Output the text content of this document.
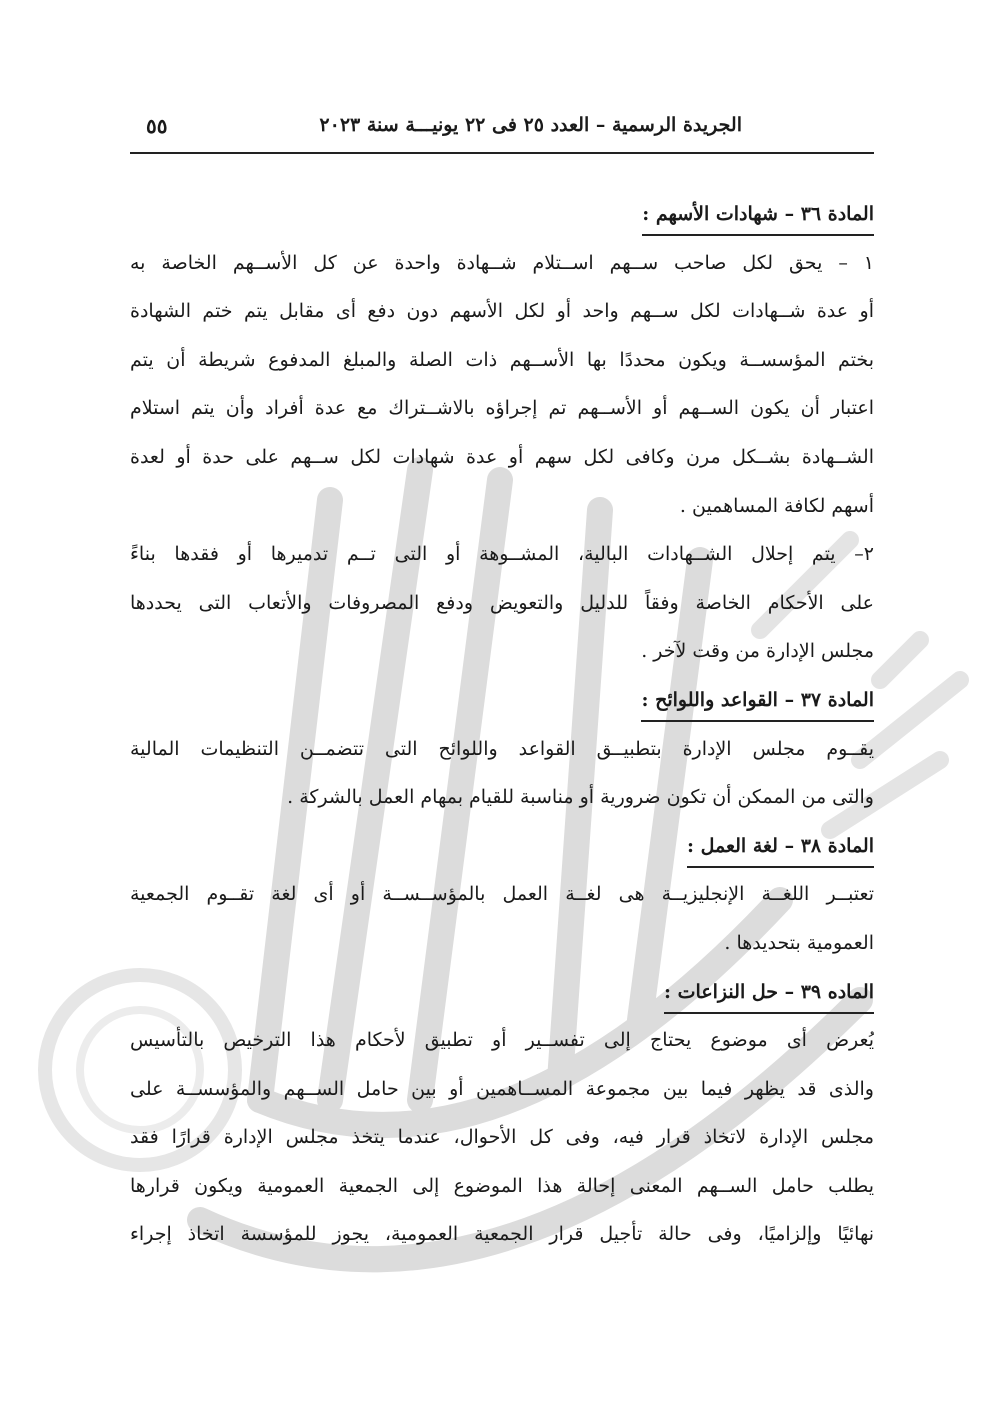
الجريدة الرسمية – العدد ٢٥ فى ٢٢ يونيـــة سنة ٢٠٢٣
٥٥
المادة ٣٦ – شهادات الأسهم :
١ – يحق لكل صاحب ســهم اســتلام شــهادة واحدة عن كل الأســهم الخاصة به
أو عدة شــهادات لكل ســهم واحد أو لكل الأسهم دون دفع أى مقابل يتم ختم الشهادة
بختم المؤسســة ويكون محددًا بها الأســهم ذات الصلة والمبلغ المدفوع شريطة أن يتم
اعتبار أن يكون الســهم أو الأســهم تم إجراؤه بالاشــتراك مع عدة أفراد وأن يتم استلام
الشــهادة بشــكل مرن وكافى لكل سهم أو عدة شهادات لكل ســهم على حدة أو لعدة
أسهم لكافة المساهمين .
٢– يتم إحلال الشــهادات البالية، المشــوهة أو التى تــم تدميرها أو فقدها بناءً
على الأحكام الخاصة وفقاً للدليل والتعويض ودفع المصروفات والأتعاب التى يحددها
مجلس الإدارة من وقت لآخر .
المادة ٣٧ – القواعد واللوائح :
يقــوم مجلس الإدارة بتطبيــق القواعد واللوائح التى تتضمــن التنظيمات المالية
والتى من الممكن أن تكون ضرورية أو مناسبة للقيام بمهام العمل بالشركة .
المادة ٣٨ – لغة العمل :
تعتبــر اللغــة الإنجليزيــة هى لغــة العمل بالمؤســســة أو أى لغة تقــوم الجمعية
العمومية بتحديدها .
الماده ٣٩ – حل النزاعات :
يُعرض أى موضوع يحتاج إلى تفســير أو تطبيق لأحكام هذا الترخيص بالتأسيس
والذى قد يظهر فيما بين مجموعة المســاهمين أو بين حامل الســهم والمؤسســة على
مجلس الإدارة لاتخاذ قرار فيه، وفى كل الأحوال، عندما يتخذ مجلس الإدارة قرارًا فقد
يطلب حامل الســهم المعنى إحالة هذا الموضوع إلى الجمعية العمومية ويكون قرارها
نهائيًا وإلزاميًا، وفى حالة تأجيل قرار الجمعية العمومية، يجوز للمؤسسة اتخاذ إجراء
